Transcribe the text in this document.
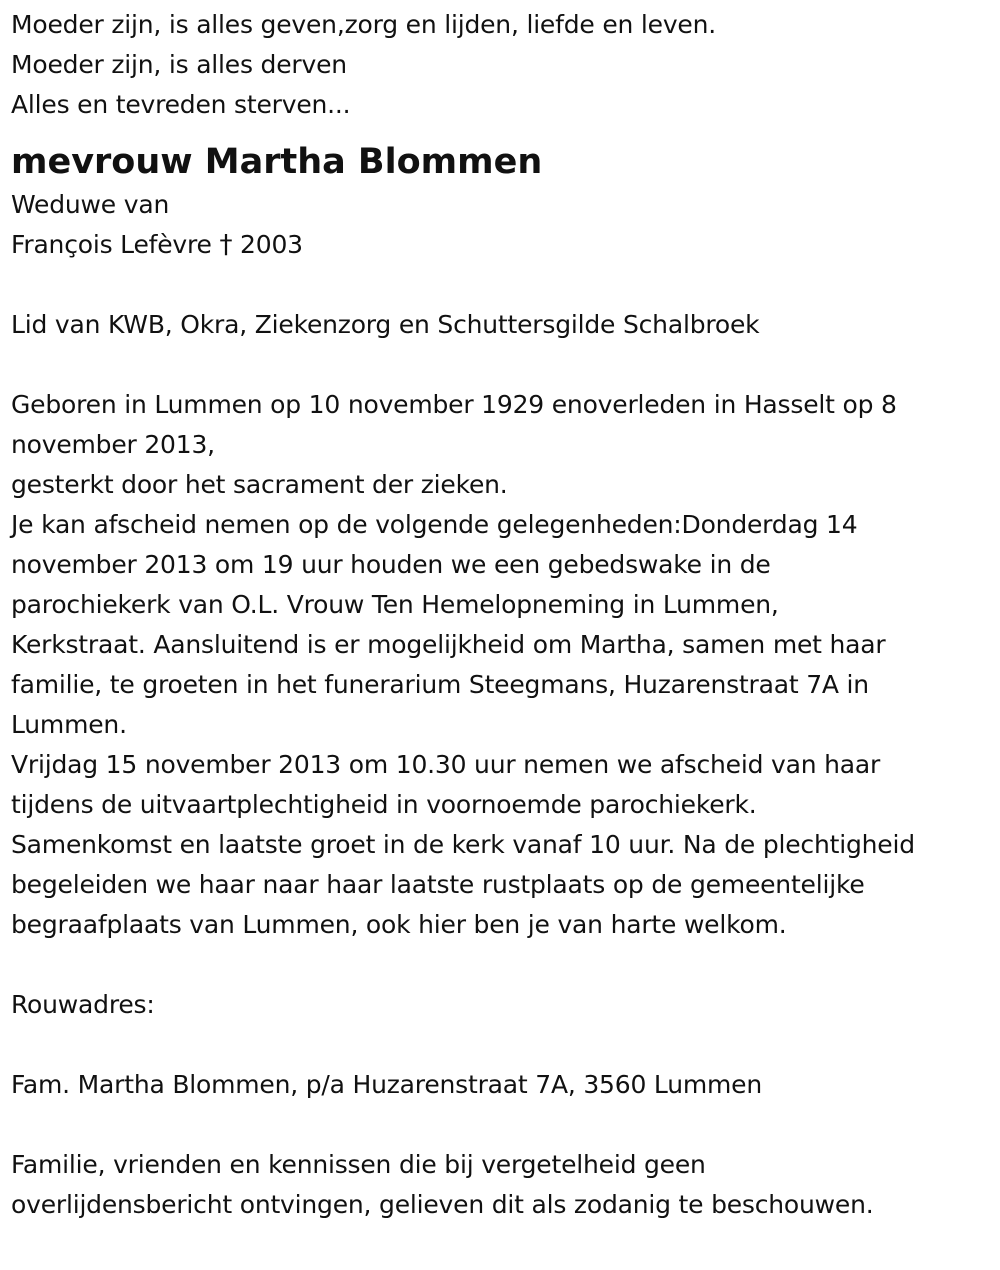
Moeder zijn, is alles geven,zorg en lijden, liefde en leven.
Moeder zijn, is alles derven
Alles en tevreden sterven...
mevrouw Martha Blommen
Weduwe van
François Lefèvre † 2003
Lid van KWB, Okra, Ziekenzorg en Schuttersgilde Schalbroek
Geboren in Lummen op 10 november 1929 enoverleden in Hasselt op 8
november 2013,
gesterkt door het sacrament der zieken.
Je kan afscheid nemen op de volgende gelegenheden:Donderdag 14
november 2013 om 19 uur houden we een gebedswake in de
parochiekerk van O.L. Vrouw Ten Hemelopneming in Lummen,
Kerkstraat. Aansluitend is er mogelijkheid om Martha, samen met haar
familie, te groeten in het funerarium Steegmans, Huzarenstraat 7A in
Lummen.
Vrijdag 15 november 2013 om 10.30 uur nemen we afscheid van haar
tijdens de uitvaartplechtigheid in voornoemde parochiekerk.
Samenkomst en laatste groet in de kerk vanaf 10 uur. Na de plechtigheid
begeleiden we haar naar haar laatste rustplaats op de gemeentelijke
begraafplaats van Lummen, ook hier ben je van harte welkom.
Rouwadres:
Fam. Martha Blommen, p/a Huzarenstraat 7A, 3560 Lummen
Familie, vrienden en kennissen die bij vergetelheid geen
overlijdensbericht ontvingen, gelieven dit als zodanig te beschouwen.
